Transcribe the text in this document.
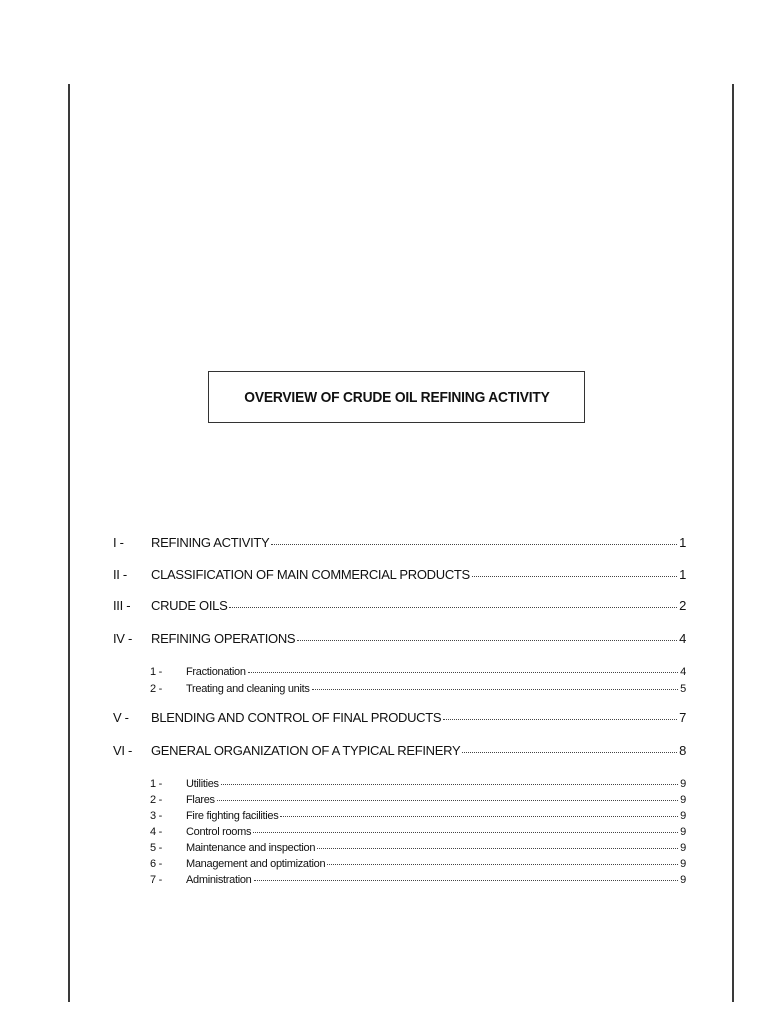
OVERVIEW OF CRUDE OIL REFINING ACTIVITY
I -	REFINING ACTIVITY	1
II -	CLASSIFICATION OF MAIN COMMERCIAL PRODUCTS	1
III -	CRUDE OILS	2
IV -	REFINING OPERATIONS	4
1 -	Fractionation	4
2 -	Treating and cleaning units	5
V -	BLENDING AND CONTROL OF FINAL PRODUCTS	7
VI -	GENERAL ORGANIZATION OF A TYPICAL REFINERY	8
1 -	Utilities	9
2 -	Flares	9
3 -	Fire fighting facilities	9
4 -	Control rooms	9
5 -	Maintenance and inspection	9
6 -	Management and optimization	9
7 -	Administration	9
